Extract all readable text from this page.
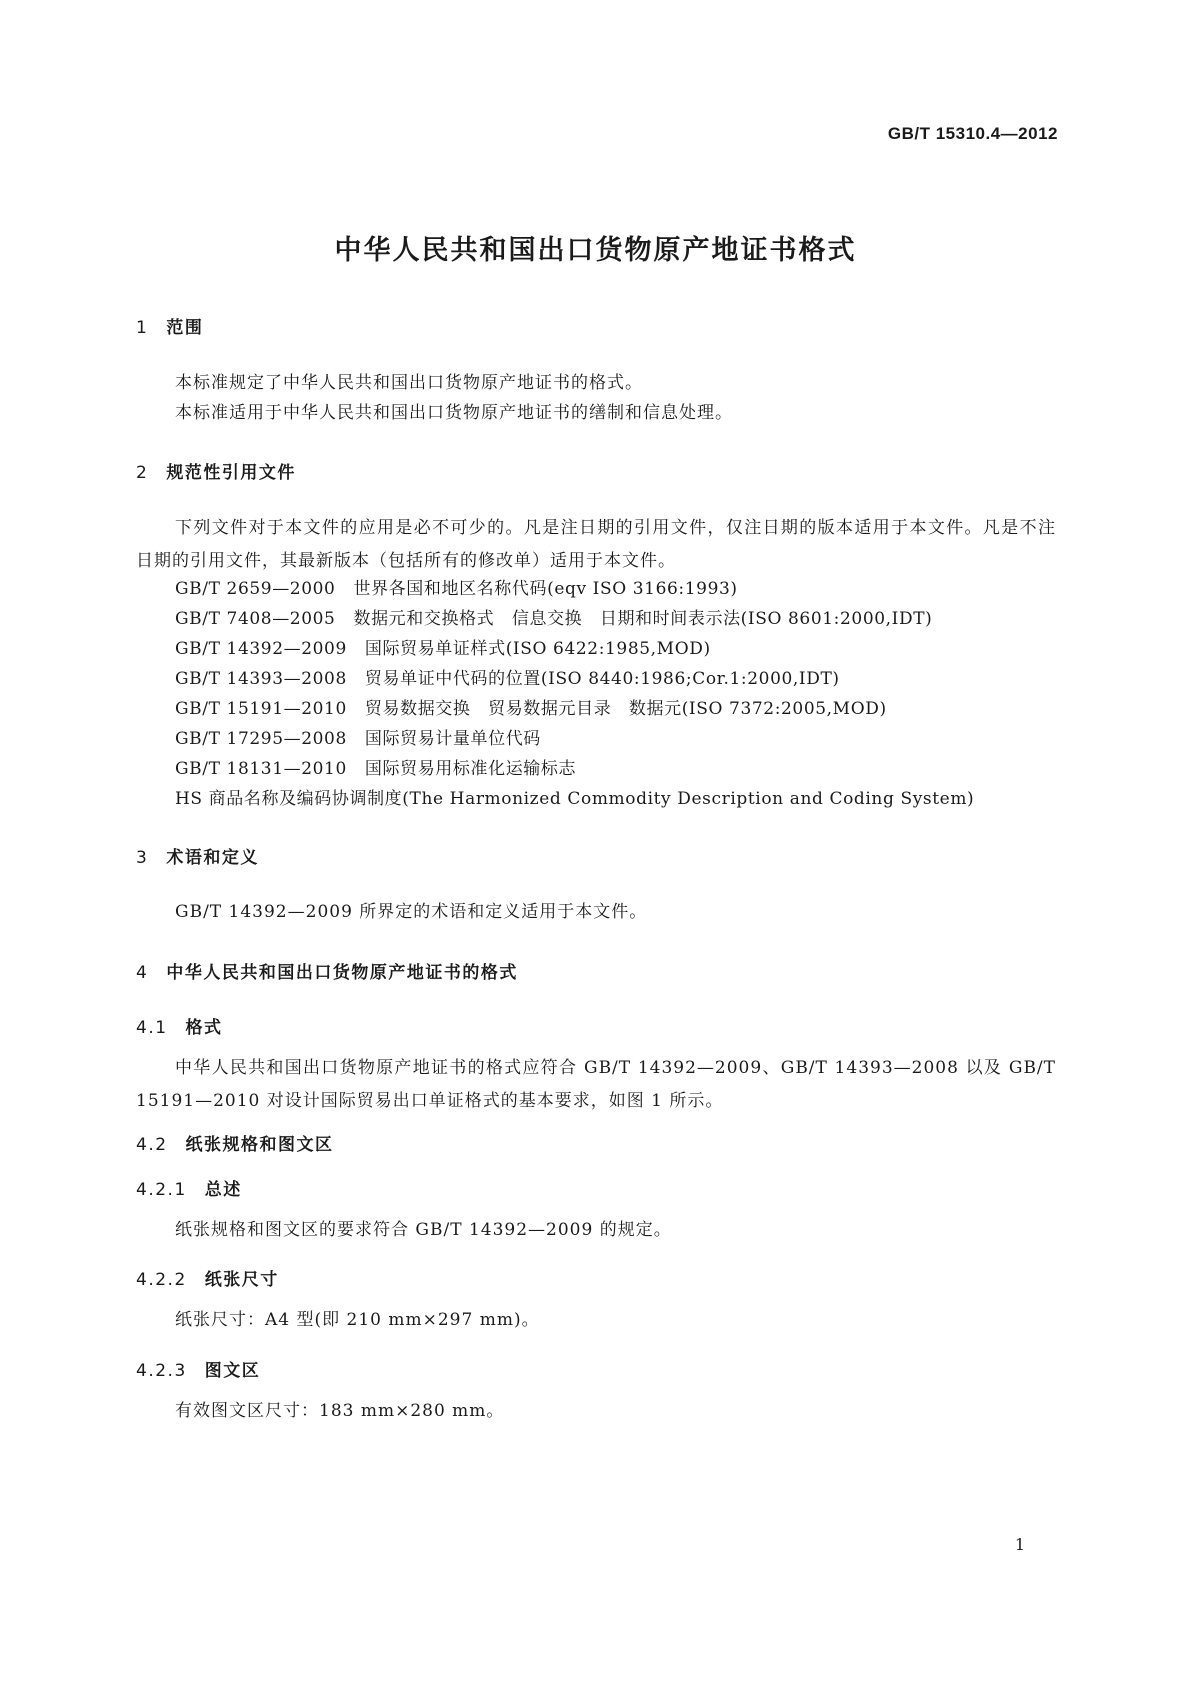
GB/T 15310.4—2012
中华人民共和国出口货物原产地证书格式
1 范围

本标准规定了中华人民共和国出口货物原产地证书的格式。

本标准适用于中华人民共和国出口货物原产地证书的缮制和信息处理。

2 规范性引用文件

下列文件对于本文件的应用是必不可少的。凡是注日期的引用文件，仅注日期的版本适用于本文件。凡是不注日期的引用文件，其最新版本（包括所有的修改单）适用于本文件。

GB/T 2659—2000 世界各国和地区名称代码(eqv ISO 3166:1993)

GB/T 7408—2005 数据元和交换格式　信息交换　日期和时间表示法(ISO 8601:2000,IDT)

GB/T 14392—2009 国际贸易单证样式(ISO 6422:1985,MOD)

GB/T 14393—2008 贸易单证中代码的位置(ISO 8440:1986;Cor.1:2000,IDT)

GB/T 15191—2010 贸易数据交换　贸易数据元目录　数据元(ISO 7372:2005,MOD)

GB/T 17295—2008 国际贸易计量单位代码

GB/T 18131—2010 国际贸易用标准化运输标志

HS 商品名称及编码协调制度(The Harmonized Commodity Description and Coding System)

3 术语和定义

GB/T 14392—2009 所界定的术语和定义适用于本文件。

4 中华人民共和国出口货物原产地证书的格式
4.1 格式

中华人民共和国出口货物原产地证书的格式应符合 GB/T 14392—2009、GB/T 14393—2008 以及 GB/T 15191—2010 对设计国际贸易出口单证格式的基本要求，如图 1 所示。

4.2 纸张规格和图文区
4.2.1 总述

纸张规格和图文区的要求符合 GB/T 14392—2009 的规定。

4.2.2 纸张尺寸

纸张尺寸：A4 型(即 210 mm×297 mm)。

4.2.3 图文区

有效图文区尺寸：183 mm×280 mm。

1
